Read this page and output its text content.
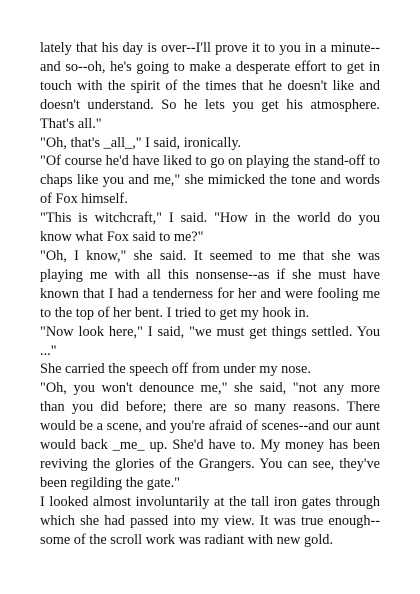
lately that his day is over--I'll prove it to you in a minute--and so--oh, he's going to make a desperate effort to get in touch with the spirit of the times that he doesn't like and doesn't understand. So he lets you get his atmosphere. That's all."

"Oh, that's _all_," I said, ironically.

"Of course he'd have liked to go on playing the stand-off to chaps like you and me," she mimicked the tone and words of Fox himself.

"This is witchcraft," I said. "How in the world do you know what Fox said to me?"

"Oh, I know," she said. It seemed to me that she was playing me with all this nonsense--as if she must have known that I had a tenderness for her and were fooling me to the top of her bent. I tried to get my hook in.

"Now look here," I said, "we must get things settled. You ..."

She carried the speech off from under my nose.

"Oh, you won't denounce me," she said, "not any more than you did before; there are so many reasons. There would be a scene, and you're afraid of scenes--and our aunt would back _me_ up. She'd have to. My money has been reviving the glories of the Grangers. You can see, they've been regilding the gate."

I looked almost involuntarily at the tall iron gates through which she had passed into my view. It was true enough--some of the scroll work was radiant with new gold.
